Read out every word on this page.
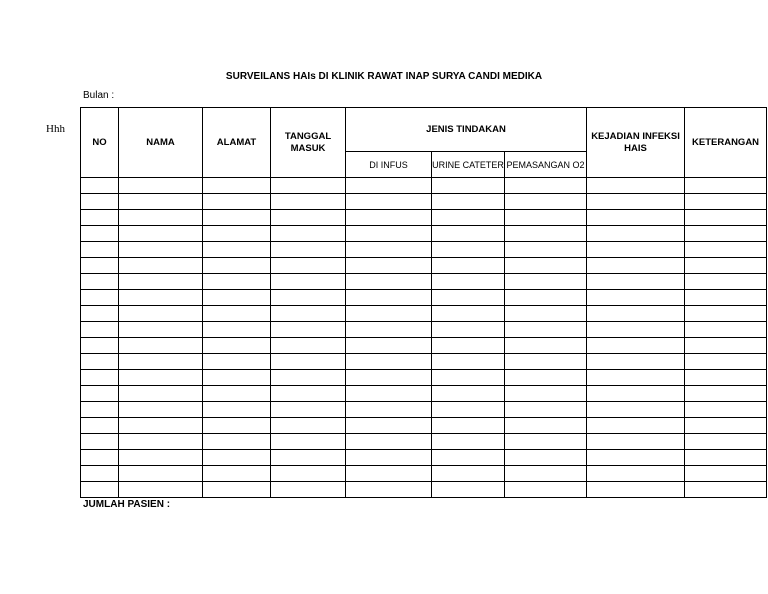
SURVEILANS HAIs DI KLINIK RAWAT INAP SURYA CANDI MEDIKA
Bulan :
Hhh
NO	NAMA	ALAMAT	TANGGAL MASUK	JENIS TINDAKAN			KEJADIAN INFEKSI HAIS	KETERANGAN
				DI INFUS	URINE CATETER	PEMASANGAN O2		

JUMLAH PASIEN :
